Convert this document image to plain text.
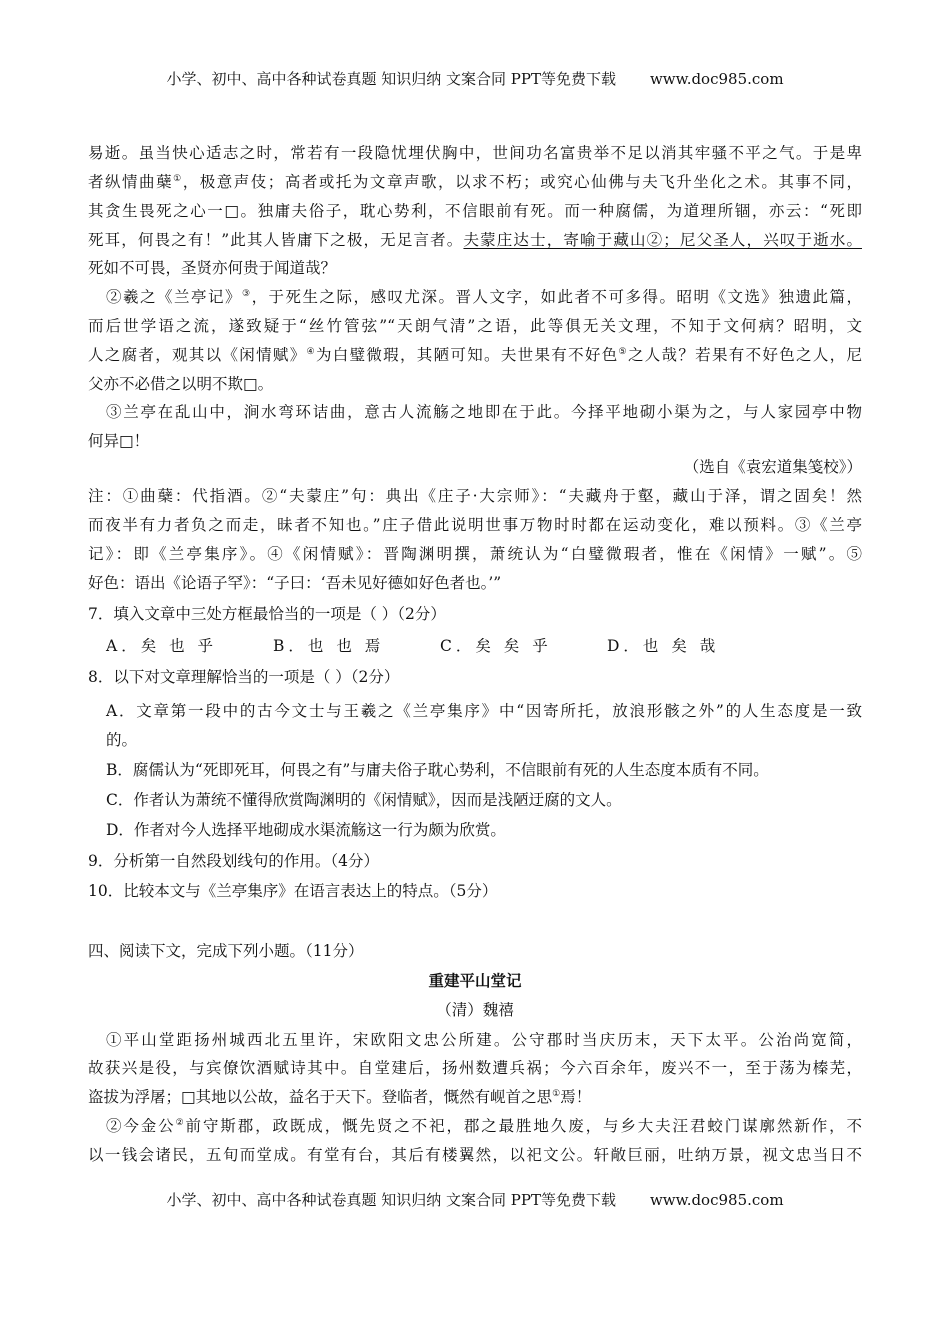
小学、初中、高中各种试卷真题 知识归纳 文案合同 PPT等免费下载 www.doc985.com
易逝。虽当快心适志之时，常若有一段隐忧埋伏胸中，世间功名富贵举不足以消其牢骚不平之气。于是卑
者纵情曲蘖①，极意声伎；高者或托为文章声歌，以求不朽；或究心仙佛与夫飞升坐化之术。其事不同，
其贪生畏死之心一□。独庸夫俗子，耽心势利，不信眼前有死。而一种腐儒，为道理所锢，亦云：“死即
死耳，何畏之有！”此其人皆庸下之极，无足言者。夫蒙庄达士，寄喻于藏山②；尼父圣人，兴叹于逝水。
死如不可畏，圣贤亦何贵于闻道哉？
②羲之《兰亭记》③，于死生之际，感叹尤深。晋人文字，如此者不可多得。昭明《文选》独遗此篇，
而后世学语之流，遂致疑于“丝竹管弦”“天朗气清”之语，此等俱无关文理，不知于文何病？昭明，文
人之腐者，观其以《闲情赋》④为白璧微瑕，其陋可知。夫世果有不好色⑤之人哉？若果有不好色之人，尼
父亦不必借之以明不欺□。
③兰亭在乱山中，涧水弯环诘曲，意古人流觞之地即在于此。今择平地砌小渠为之，与人家园亭中物
何异□！
（选自《袁宏道集笺校》）
注：①曲蘖：代指酒。②“夫蒙庄”句：典出《庄子·大宗师》：“夫藏舟于壑，藏山于泽，谓之固矣！然
而夜半有力者负之而走，昧者不知也。”庄子借此说明世事万物时时都在运动变化，难以预料。③《兰亭
记》：即《兰亭集序》。④《闲情赋》：晋陶渊明撰，萧统认为“白璧微瑕者，惟在《闲情》一赋”。⑤
好色：语出《论语子罕》：“子曰：‘吾未见好德如好色者也。’”
7．填入文章中三处方框最恰当的一项是（ ）（2分）
8．以下对文章理解恰当的一项是（ ）（2分）
A．文章第一段中的古今文士与王羲之《兰亭集序》中“因寄所托，放浪形骸之外”的人生态度是一致
的。
B．腐儒认为“死即死耳，何畏之有”与庸夫俗子耽心势利，不信眼前有死的人生态度本质有不同。
C．作者认为萧统不懂得欣赏陶渊明的《闲情赋》，因而是浅陋迂腐的文人。
D．作者对今人选择平地砌成水渠流觞这一行为颇为欣赏。
9．分析第一自然段划线句的作用。（4分）
10．比较本文与《兰亭集序》在语言表达上的特点。（5分）
四、阅读下文，完成下列小题。（11分）
重建平山堂记
（清）魏禧
①平山堂距扬州城西北五里许，宋欧阳文忠公所建。公守郡时当庆历末，天下太平。公治尚宽简，
故获兴是役，与宾僚饮酒赋诗其中。自堂建后，扬州数遭兵祸；今六百余年，废兴不一，至于荡为榛芜，
盗拔为浮屠；□其地以公故，益名于天下。登临者，慨然有岘首之思①焉！
②今金公②前守斯郡，政既成，慨先贤之不祀，郡之最胜地久废，与乡大夫汪君蛟门谋廓然新作，不
以一钱会诸民，五旬而堂成。有堂有台，其后有楼翼然，以祀文公。轩敞巨丽，吐纳万景，视文忠当日不
A．矣 也 乎	B．也 也 焉	C．矣 矣 乎	D．也 矣 哉
小学、初中、高中各种试卷真题 知识归纳 文案合同 PPT等免费下载 www.doc985.com
